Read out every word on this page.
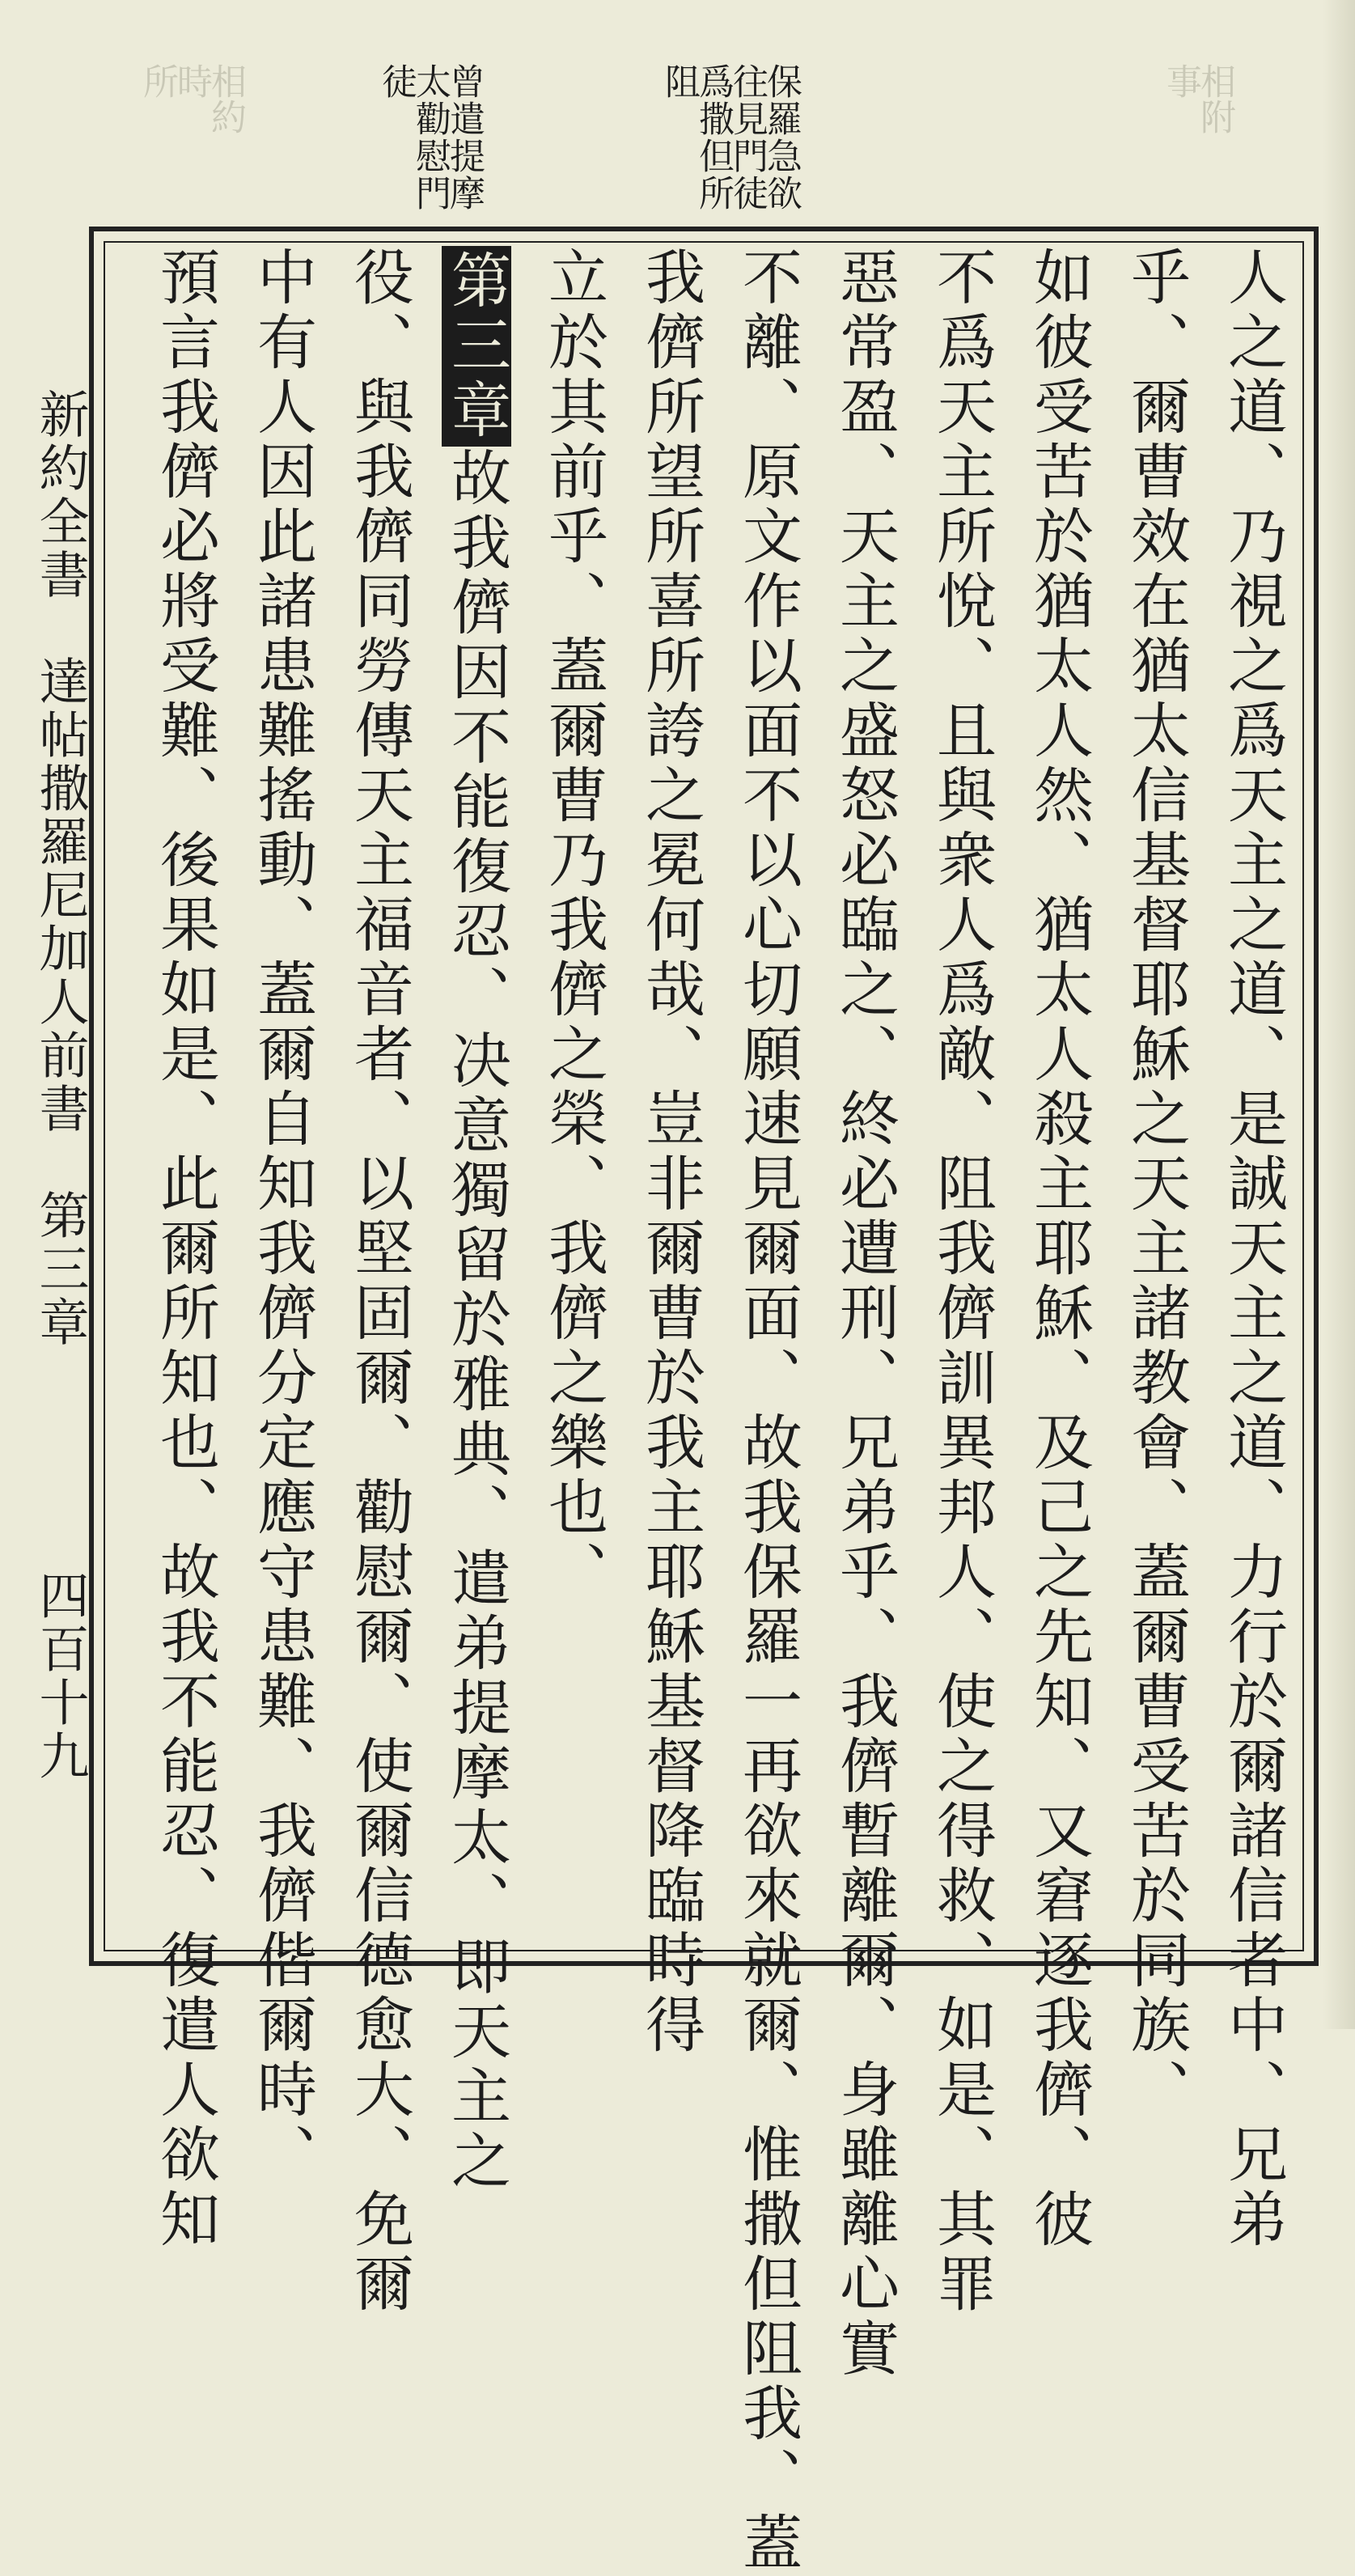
相附
事
相約
時
所	保羅急欲
往見門徒
爲撒但所
阻
曾遣提摩
太勸慰門
徒
新約全書　達帖撒羅尼加人前書　第三章
四百十九	人之道、乃視之爲天主之道、是誠天主之道、力行於爾諸信者中、兄弟
乎、爾曹效在猶太信基督耶穌之天主諸教會、蓋爾曹受苦於同族、
如彼受苦於猶太人然、猶太人殺主耶穌、及己之先知、又窘逐我儕、彼
不爲天主所悅、且與衆人爲敵、阻我儕訓異邦人、使之得救、如是、其罪
惡常盈、天主之盛怒必臨之、終必遭刑、兄弟乎、我儕暫離爾、身雖離心實
不離、原文作以面不以心切願速見爾面、故我保羅一再欲來就爾、惟撒但阻我、蓋
我儕所望所喜所誇之冕何哉、豈非爾曹於我主耶穌基督降臨時得
立於其前乎、蓋爾曹乃我儕之榮、我儕之樂也、
第三章故我儕因不能復忍、决意獨留於雅典、遣弟提摩太、即天主之
役、與我儕同勞傳天主福音者、以堅固爾、勸慰爾、使爾信德愈大、免爾
中有人因此諸患難搖動、蓋爾自知我儕分定應守患難、我儕偕爾時、
預言我儕必將受難、後果如是、此爾所知也、故我不能忍、復遣人欲知
